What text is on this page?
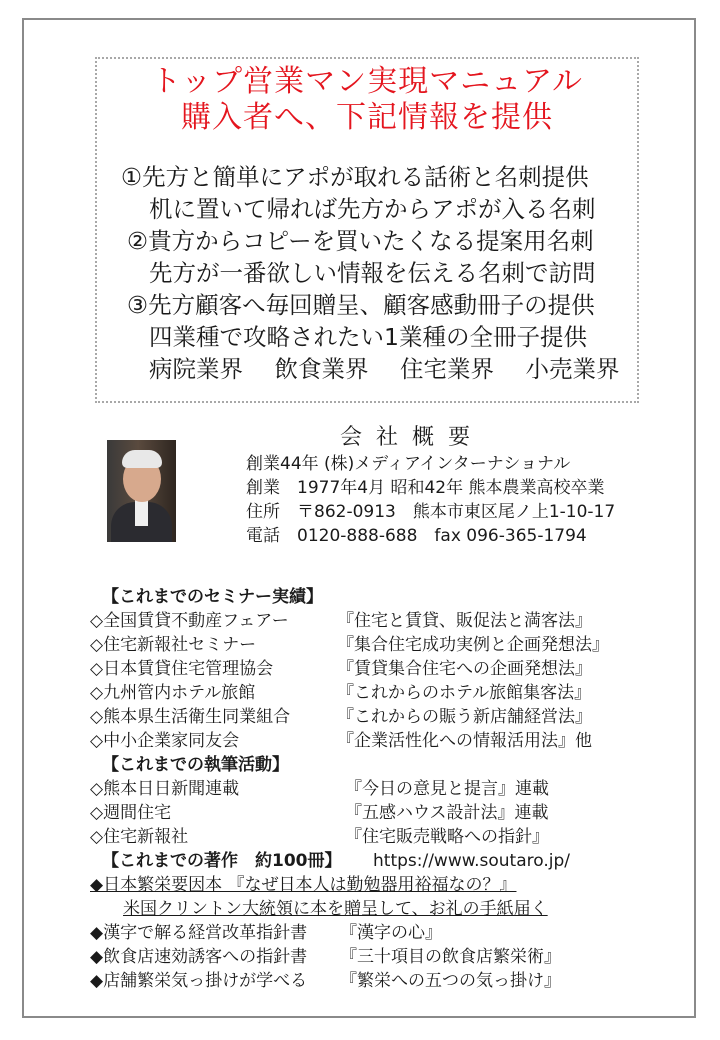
トップ営業マン実現マニュアル
購入者へ、下記情報を提供
①先方と簡単にアポが取れる話術と名刺提供
机に置いて帰れば先方からアポが入る名刺
②貴方からコピーを買いたくなる提案用名刺
先方が一番欲しい情報を伝える名刺で訪問
③先方顧客へ毎回贈呈、顧客感動冊子の提供
四業種で攻略されたい1業種の全冊子提供
病院業界 飲食業界 住宅業界 小売業界
会社概要
創業44年 (株)メディアインターナショナル
創業　1977年4月 昭和42年 熊本農業高校卒業
住所　〒862-0913　熊本市東区尾ノ上1-10-17
電話　0120-888-688　fax 096-365-1794
【これまでのセミナー実績】
◇全国賃貸不動産フェアー	『住宅と賃貸、販促法と満客法』
◇住宅新報社セミナー	『集合住宅成功実例と企画発想法』
◇日本賃貸住宅管理協会	『賃貸集合住宅への企画発想法』
◇九州管内ホテル旅館	『これからのホテル旅館集客法』
◇熊本県生活衛生同業組合	『これからの賑う新店舗経営法』
◇中小企業家同友会	『企業活性化への情報活用法』他
【これまでの執筆活動】
◇熊本日日新聞連載	『今日の意見と提言』連載
◇週間住宅	『五感ハウス設計法』連載
◇住宅新報社	『住宅販売戦略への指針』
【これまでの著作　約100冊】 https://www.soutaro.jp/
◆日本繁栄要因本 『なぜ日本人は勤勉器用裕福なの？』
米国クリントン大統領に本を贈呈して、お礼の手紙届く
◆漢字で解る経営改革指針書 『漢字の心』
◆飲食店速効誘客への指針書 『三十項目の飲食店繁栄術』
◆店舗繁栄気っ掛けが学べる 『繁栄への五つの気っ掛け』
